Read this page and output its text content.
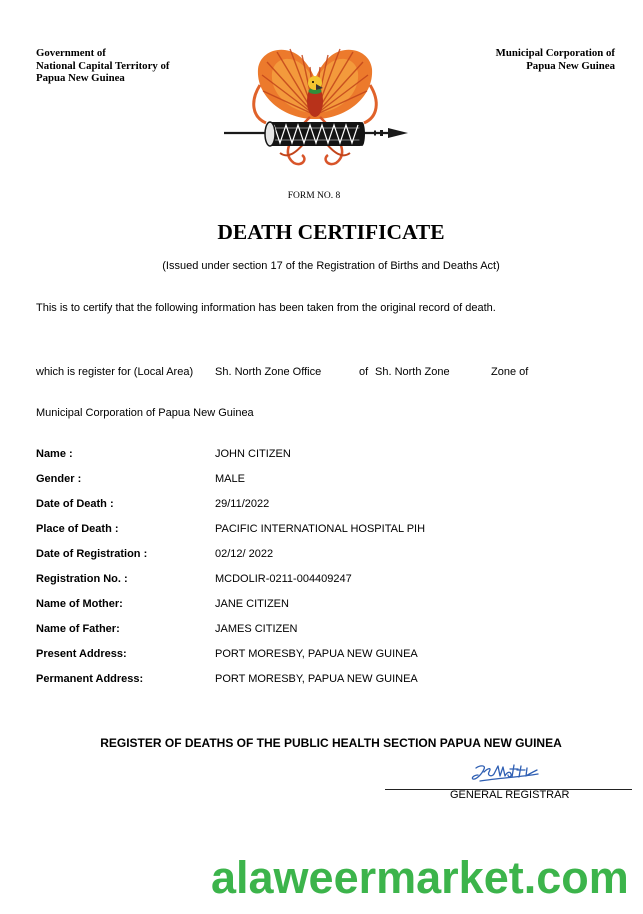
Government of
National Capital Territory of
Papua New Guinea
Municipal Corporation of
Papua New Guinea
FORM NO. 8
DEATH CERTIFICATE
(Issued under section 17 of the Registration of Births and Deaths Act)
This is to certify that the following information has been taken from the original record of death.
which is register for (Local Area) Sh. North Zone Office	of Sh. North Zone	Zone of
Municipal Corporation of Papua New Guinea
Name :	JOHN CITIZEN
Gender :	MALE
Date of Death :	29/11/2022
Place of Death :	PACIFIC INTERNATIONAL HOSPITAL PIH
Date of Registration :	02/12/ 2022
Registration No. :	MCDOLIR-0211-004409247
Name of Mother:	JANE CITIZEN
Name of Father:	JAMES CITIZEN
Present Address:	PORT MORESBY, PAPUA NEW GUINEA
Permanent Address:	PORT MORESBY, PAPUA NEW GUINEA
REGISTER OF DEATHS OF THE PUBLIC HEALTH SECTION PAPUA NEW GUINEA
GENERAL REGISTRAR
alaweermarket.com
